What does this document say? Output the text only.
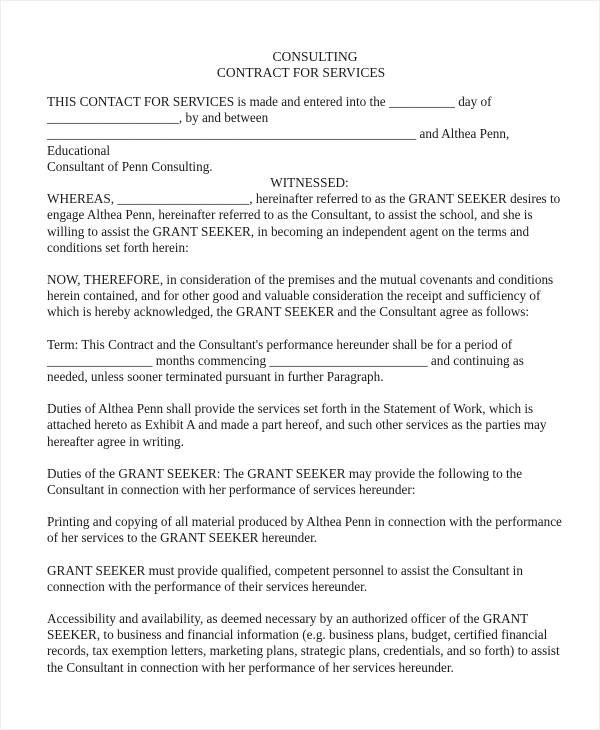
CONSULTING
CONTRACT FOR SERVICES

THIS CONTACT FOR SERVICES is made and entered into the __________ day of
____________________, by and between
________________________________________________________ and Althea Penn, Educational
Consultant of Penn Consulting.

WITNESSED:

WHEREAS, ____________________, hereinafter referred to as the GRANT SEEKER desires to engage Althea Penn, hereinafter referred to as the Consultant, to assist the school, and she is willing to assist the GRANT SEEKER, in becoming an independent agent on the terms and conditions set forth herein:

NOW, THEREFORE, in consideration of the premises and the mutual covenants and conditions herein contained, and for other good and valuable consideration the receipt and sufficiency of which is hereby acknowledged, the GRANT SEEKER and the Consultant agree as follows:

Term: This Contract and the Consultant's performance hereunder shall be for a period of
________________ months commencing ________________________ and continuing as needed, unless sooner terminated pursuant in further Paragraph.

Duties of Althea Penn shall provide the services set forth in the Statement of Work, which is attached hereto as Exhibit A and made a part hereof, and such other services as the parties may hereafter agree in writing.

Duties of the GRANT SEEKER: The GRANT SEEKER may provide the following to the Consultant in connection with her performance of services hereunder:

Printing and copying of all material produced by Althea Penn in connection with the performance of her services to the GRANT SEEKER hereunder.

GRANT SEEKER must provide qualified, competent personnel to assist the Consultant in connection with the performance of their services hereunder.

Accessibility and availability, as deemed necessary by an authorized officer of the GRANT SEEKER, to business and financial information (e.g. business plans, budget, certified financial records, tax exemption letters, marketing plans, strategic plans, credentials, and so forth) to assist the Consultant in connection with her performance of her services hereunder.
